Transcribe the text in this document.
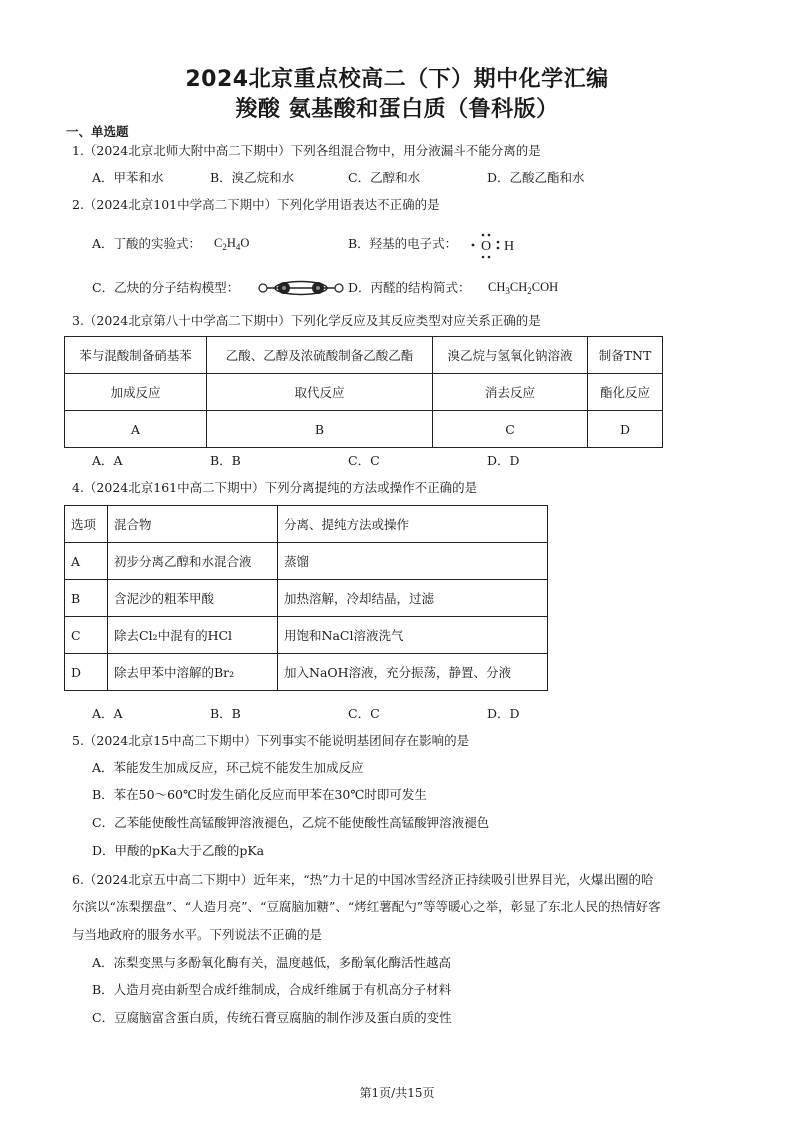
2024北京重点校高二（下）期中化学汇编
羧酸 氨基酸和蛋白质（鲁科版）
一、单选题
1.（2024北京北师大附中高二下期中）下列各组混合物中，用分液漏斗不能分离的是
A．甲苯和水	B．溴乙烷和水	C．乙醇和水	D．乙酸乙酯和水
2.（2024北京101中学高二下期中）下列化学用语表达不正确的是
A．丁酸的实验式： $C_2H_4O$	B．羟基的电子式： O H
C．乙炔的分子结构模型：	D．丙醛的结构简式： $CH_3CH_2COH$
3.（2024北京第八十中学高二下期中）下列化学反应及其反应类型对应关系正确的是
苯与混酸制备硝基苯	乙酸、乙醇及浓硫酸制备乙酸乙酯	溴乙烷与氢氧化钠溶液	制备TNT
加成反应	取代反应	消去反应	酯化反应
A	B	C	D
A．A	B．B	C．C	D．D
4.（2024北京161中高二下期中）下列分离提纯的方法或操作不正确的是
选项	混合物	分离、提纯方法或操作
A	初步分离乙醇和水混合液	蒸馏
B	含泥沙的粗苯甲酸	加热溶解，冷却结晶，过滤
C	除去Cl₂中混有的HCl	用饱和NaCl溶液洗气
D	除去甲苯中溶解的Br₂	加入NaOH溶液，充分振荡，静置、分液
A．A	B．B	C．C	D．D
5.（2024北京15中高二下期中）下列事实不能说明基团间存在影响的是
A．苯能发生加成反应，环己烷不能发生加成反应
B．苯在50～60℃时发生硝化反应而甲苯在30℃时即可发生
C．乙苯能使酸性高锰酸钾溶液褪色，乙烷不能使酸性高锰酸钾溶液褪色
D．甲酸的pKa大于乙酸的pKa
6.（2024北京五中高二下期中）近年来，“热”力十足的中国冰雪经济正持续吸引世界目光，火爆出圈的哈
尔滨以“冻梨摆盘”、“人造月亮”、“豆腐脑加糖”、“烤红薯配勺”等等暖心之举，彰显了东北人民的热情好客
与当地政府的服务水平。下列说法不正确的是
A．冻梨变黑与多酚氧化酶有关，温度越低，多酚氧化酶活性越高
B．人造月亮由新型合成纤维制成，合成纤维属于有机高分子材料
C．豆腐脑富含蛋白质，传统石膏豆腐脑的制作涉及蛋白质的变性
第1页/共15页
